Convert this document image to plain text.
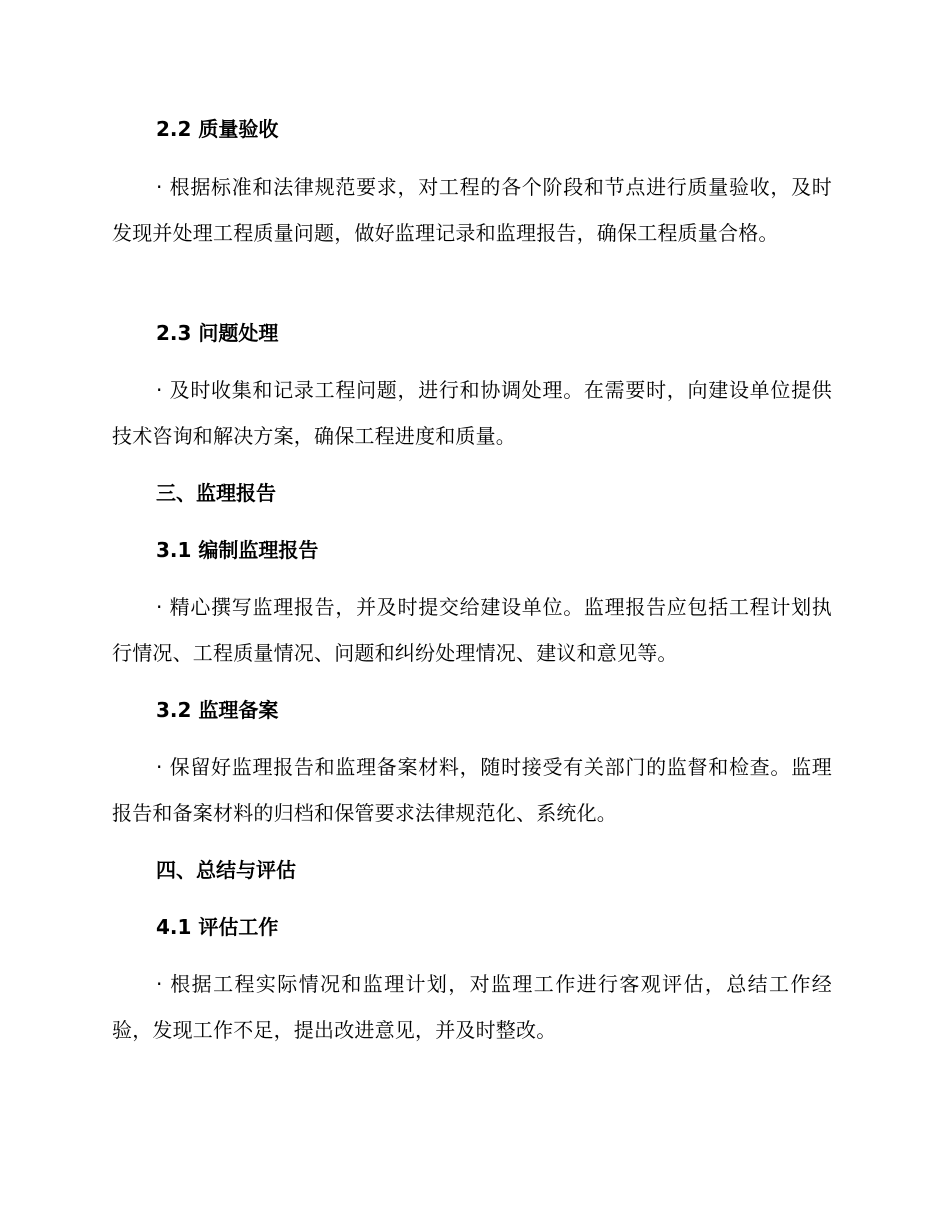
2.2 质量验收
· 根据标准和法律规范要求，对工程的各个阶段和节点进行质量验收，及时发现并处理工程质量问题，做好监理记录和监理报告，确保工程质量合格。
2.3 问题处理
· 及时收集和记录工程问题，进行和协调处理。在需要时，向建设单位提供技术咨询和解决方案，确保工程进度和质量。
三、监理报告
3.1 编制监理报告
· 精心撰写监理报告，并及时提交给建设单位。监理报告应包括工程计划执行情况、工程质量情况、问题和纠纷处理情况、建议和意见等。
3.2 监理备案
· 保留好监理报告和监理备案材料，随时接受有关部门的监督和检查。监理报告和备案材料的归档和保管要求法律规范化、系统化。
四、总结与评估
4.1 评估工作
· 根据工程实际情况和监理计划，对监理工作进行客观评估，总结工作经验，发现工作不足，提出改进意见，并及时整改。
